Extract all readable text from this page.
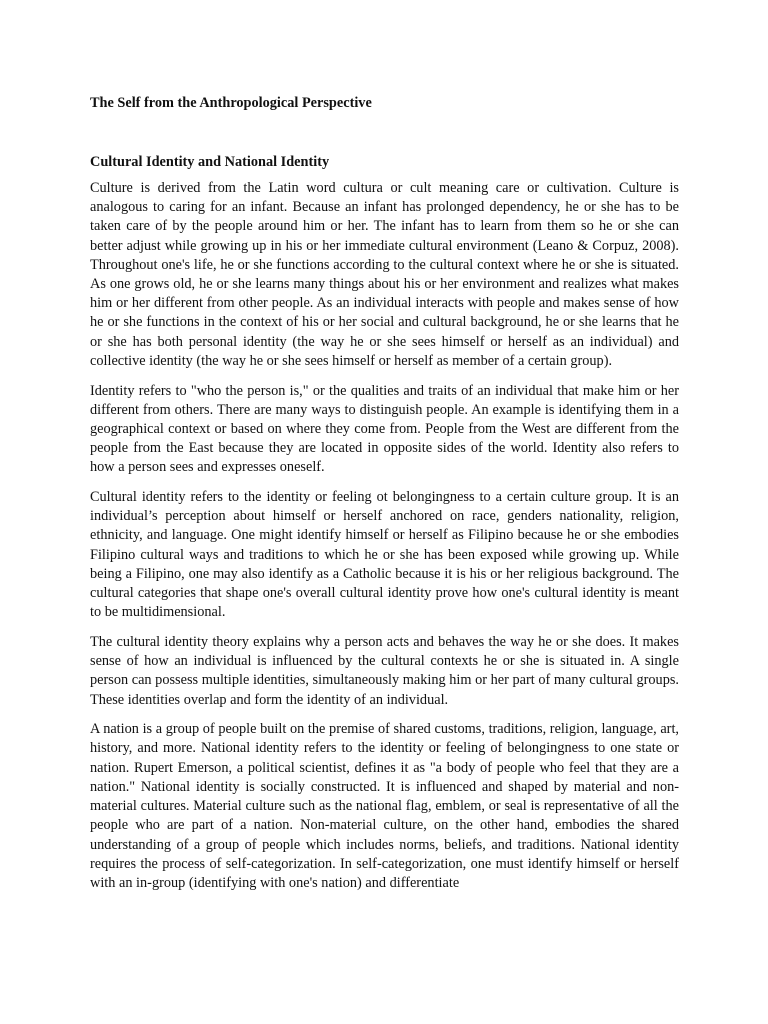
The Self from the Anthropological Perspective
Cultural Identity and National Identity

Culture is derived from the Latin word cultura or cult meaning care or cultivation. Culture is analogous to caring for an infant. Because an infant has prolonged dependency, he or she has to be taken care of by the people around him or her. The infant has to learn from them so he or she can better adjust while growing up in his or her immediate cultural environment (Leano & Corpuz, 2008). Throughout one's life, he or she functions according to the cultural context where he or she is situated. As one grows old, he or she learns many things about his or her environment and realizes what makes him or her different from other people. As an individual interacts with people and makes sense of how he or she functions in the context of his or her social and cultural background, he or she learns that he or she has both personal identity (the way he or she sees himself or herself as an individual) and collective identity (the way he or she sees himself or herself as member of a certain group).

Identity refers to "who the person is," or the qualities and traits of an individual that make him or her different from others. There are many ways to distinguish people. An example is identifying them in a geographical context or based on where they come from. People from the West are different from the people from the East because they are located in opposite sides of the world. Identity also refers to how a person sees and expresses oneself.

Cultural identity refers to the identity or feeling ot belongingness to a certain culture group. It is an individual’s perception about himself or herself anchored on race, genders nationality, religion, ethnicity, and language. One might identify himself or herself as Filipino because he or she embodies Filipino cultural ways and traditions to which he or she has been exposed while growing up. While being a Filipino, one may also identify as a Catholic because it is his or her religious background. The cultural categories that shape one's overall cultural identity prove how one's cultural identity is meant to be multidimensional.

The cultural identity theory explains why a person acts and behaves the way he or she does. It makes sense of how an individual is influenced by the cultural contexts he or she is situated in. A single person can possess multiple identities, simultaneously making him or her part of many cultural groups. These identities overlap and form the identity of an individual.

A nation is a group of people built on the premise of shared customs, traditions, religion, language, art, history, and more. National identity refers to the identity or feeling of belongingness to one state or nation. Rupert Emerson, a political scientist, defines it as "a body of people who feel that they are a nation." National identity is socially constructed. It is influenced and shaped by material and non-material cultures. Material culture such as the national flag, emblem, or seal is representative of all the people who are part of a nation. Non-material culture, on the other hand, embodies the shared understanding of a group of people which includes norms, beliefs, and traditions. National identity requires the process of self-categorization. In self-categorization, one must identify himself or herself with an in-group (identifying with one's nation) and differentiate
